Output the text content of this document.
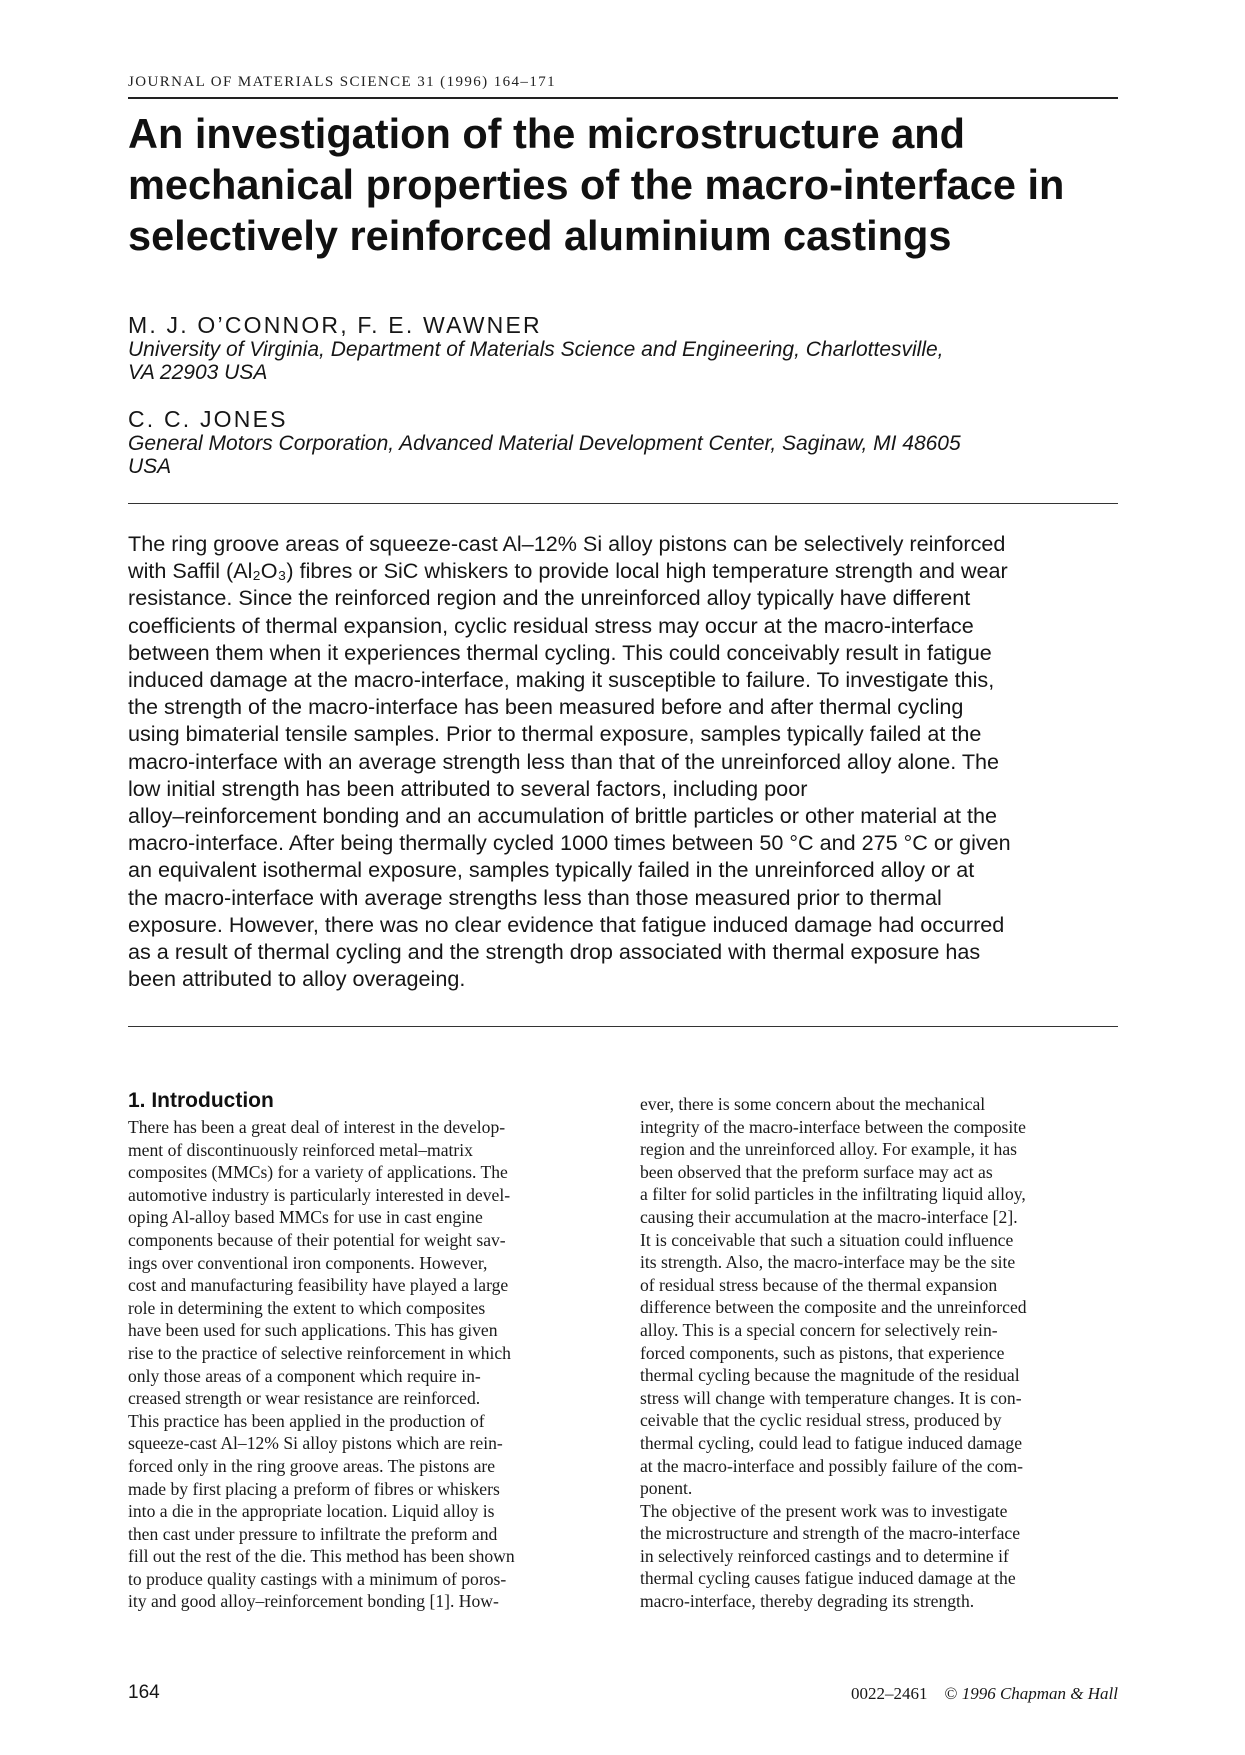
JOURNAL OF MATERIALS SCIENCE 31 (1996) 164–171
An investigation of the microstructure and
mechanical properties of the macro-interface in
selectively reinforced aluminium castings
M. J. O’CONNOR, F. E. WAWNER
University of Virginia, Department of Materials Science and Engineering, Charlottesville,
VA 22903 USA
C. C. JONES
General Motors Corporation, Advanced Material Development Center, Saginaw, MI 48605
USA
The ring groove areas of squeeze-cast Al–12% Si alloy pistons can be selectively reinforced
with Saffil (Al₂O₃) fibres or SiC whiskers to provide local high temperature strength and wear
resistance. Since the reinforced region and the unreinforced alloy typically have different
coefficients of thermal expansion, cyclic residual stress may occur at the macro-interface
between them when it experiences thermal cycling. This could conceivably result in fatigue
induced damage at the macro-interface, making it susceptible to failure. To investigate this,
the strength of the macro-interface has been measured before and after thermal cycling
using bimaterial tensile samples. Prior to thermal exposure, samples typically failed at the
macro-interface with an average strength less than that of the unreinforced alloy alone. The
low initial strength has been attributed to several factors, including poor
alloy–reinforcement bonding and an accumulation of brittle particles or other material at the
macro-interface. After being thermally cycled 1000 times between 50 °C and 275 °C or given
an equivalent isothermal exposure, samples typically failed in the unreinforced alloy or at
the macro-interface with average strengths less than those measured prior to thermal
exposure. However, there was no clear evidence that fatigue induced damage had occurred
as a result of thermal cycling and the strength drop associated with thermal exposure has
been attributed to alloy overageing.
1. Introduction
There has been a great deal of interest in the develop-
ment of discontinuously reinforced metal–matrix
composites (MMCs) for a variety of applications. The
automotive industry is particularly interested in devel-
oping Al-alloy based MMCs for use in cast engine
components because of their potential for weight sav-
ings over conventional iron components. However,
cost and manufacturing feasibility have played a large
role in determining the extent to which composites
have been used for such applications. This has given
rise to the practice of selective reinforcement in which
only those areas of a component which require in-
creased strength or wear resistance are reinforced.
This practice has been applied in the production of
squeeze-cast Al–12% Si alloy pistons which are rein-
forced only in the ring groove areas. The pistons are
made by first placing a preform of fibres or whiskers
into a die in the appropriate location. Liquid alloy is
then cast under pressure to infiltrate the preform and
fill out the rest of the die. This method has been shown
to produce quality castings with a minimum of poros-
ity and good alloy–reinforcement bonding [1]. How-
ever, there is some concern about the mechanical
integrity of the macro-interface between the composite
region and the unreinforced alloy. For example, it has
been observed that the preform surface may act as
a filter for solid particles in the infiltrating liquid alloy,
causing their accumulation at the macro-interface [2].
It is conceivable that such a situation could influence
its strength. Also, the macro-interface may be the site
of residual stress because of the thermal expansion
difference between the composite and the unreinforced
alloy. This is a special concern for selectively rein-
forced components, such as pistons, that experience
thermal cycling because the magnitude of the residual
stress will change with temperature changes. It is con-
ceivable that the cyclic residual stress, produced by
thermal cycling, could lead to fatigue induced damage
at the macro-interface and possibly failure of the com-
ponent.
The objective of the present work was to investigate
the microstructure and strength of the macro-interface
in selectively reinforced castings and to determine if
thermal cycling causes fatigue induced damage at the
macro-interface, thereby degrading its strength.
164	0022–2461 © 1996 Chapman & Hall
